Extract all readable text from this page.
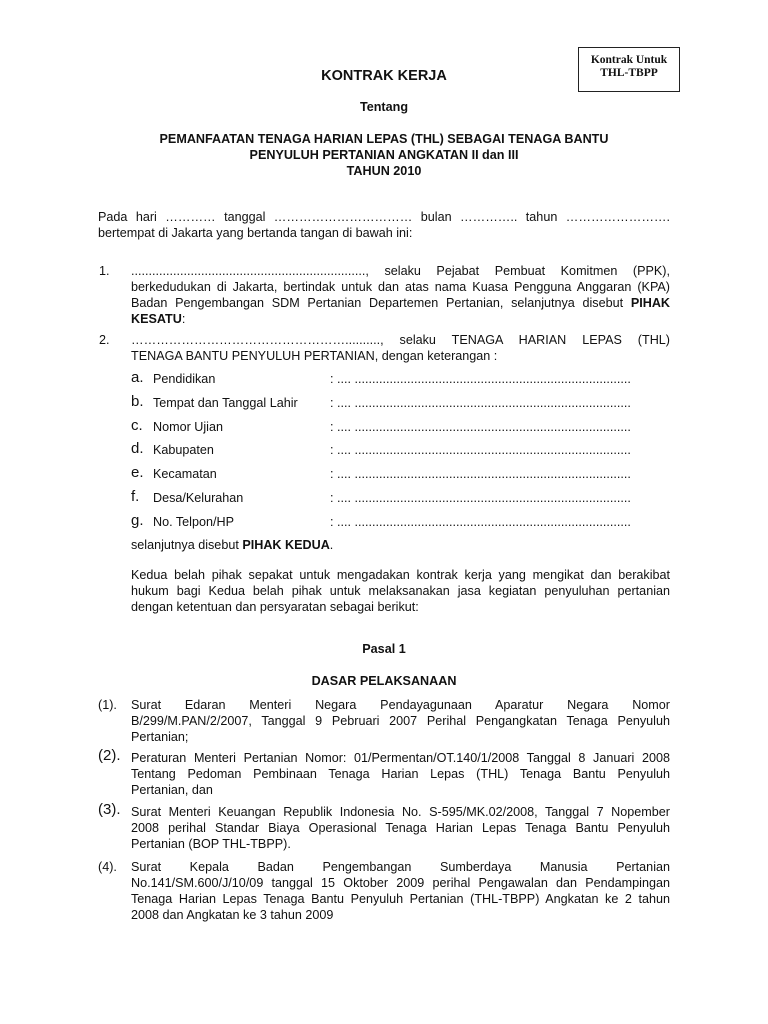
Kontrak Untuk
THL-TBPP
KONTRAK KERJA
Tentang
PEMANFAATAN TENAGA HARIAN LEPAS (THL) SEBAGAI TENAGA BANTU
PENYULUH PERTANIAN ANGKATAN II dan III
TAHUN 2010
Pada hari ………… tanggal …………………………… bulan ………….. tahun …………………….
bertempat di Jakarta yang bertanda tangan di bawah ini:
1. ..................................................................., selaku Pejabat Pembuat Komitmen (PPK),
berkedudukan di Jakarta, bertindak untuk dan atas nama Kuasa Pengguna Anggaran (KPA)
Badan Pengembangan SDM Pertanian Departemen Pertanian, selanjutnya disebut PIHAK
KESATU:
2. …………………………………………….........., selaku TENAGA HARIAN LEPAS (THL)
TENAGA BANTU PENYULUH PERTANIAN, dengan keterangan :
a. Pendidikan	: .... ...............................................................................
b. Tempat dan Tanggal Lahir	: .... ...............................................................................
c. Nomor Ujian	: .... ...............................................................................
d. Kabupaten	: .... ...............................................................................
e. Kecamatan	: .... ...............................................................................
f. Desa/Kelurahan	: .... ...............................................................................
g. No. Telpon/HP	: .... ...............................................................................
selanjutnya disebut PIHAK KEDUA.
Kedua belah pihak sepakat untuk mengadakan kontrak kerja yang mengikat dan berakibat
hukum bagi Kedua belah pihak untuk melaksanakan jasa kegiatan penyuluhan pertanian
dengan ketentuan dan persyaratan sebagai berikut:
Pasal 1
DASAR PELAKSANAAN
(1). Surat Edaran Menteri Negara Pendayagunaan Aparatur Negara Nomor
B/299/M.PAN/2/2007, Tanggal 9 Pebruari 2007 Perihal Pengangkatan Tenaga Penyuluh
Pertanian;
(2). Peraturan Menteri Pertanian Nomor: 01/Permentan/OT.140/1/2008 Tanggal 8 Januari 2008
Tentang Pedoman Pembinaan Tenaga Harian Lepas (THL) Tenaga Bantu Penyuluh
Pertanian, dan
(3). Surat Menteri Keuangan Republik Indonesia No. S-595/MK.02/2008, Tanggal 7 Nopember
2008 perihal Standar Biaya Operasional Tenaga Harian Lepas Tenaga Bantu Penyuluh
Pertanian (BOP THL-TBPP).
(4). Surat Kepala Badan Pengembangan Sumberdaya Manusia Pertanian
No.141/SM.600/J/10/09 tanggal 15 Oktober 2009 perihal Pengawalan dan Pendampingan
Tenaga Harian Lepas Tenaga Bantu Penyuluh Pertanian (THL-TBPP) Angkatan ke 2 tahun
2008 dan Angkatan ke 3 tahun 2009
